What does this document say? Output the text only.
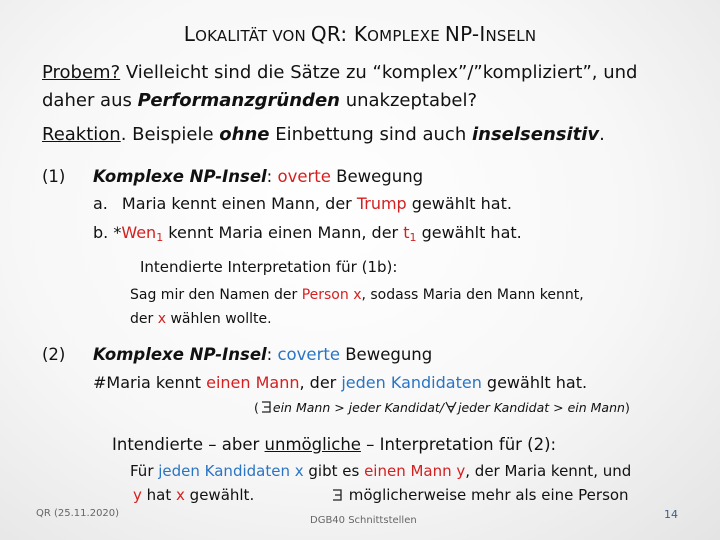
LOKALITÄT VON QR: KOMPLEXE NP-INSELN
Probem? Vielleicht sind die Sätze zu “komplex”/”kompliziert”, und
daher aus Performanzgründen unakzeptabel?
Reaktion. Beispiele ohne Einbettung sind auch inselsensitiv.
(1) Komplexe NP-Insel: overte Bewegung
a. Maria kennt einen Mann, der Trump gewählt hat.
b. *Wen$_1$ kennt Maria einen Mann, der $t_1$ gewählt hat.
Intendierte Interpretation für (1b):
Sag mir den Namen der Person x, sodass Maria den Mann kennt,
der x wählen wollte.
(2) Komplexe NP-Insel: coverte Bewegung
#Maria kennt einen Mann, der jeden Kandidaten gewählt hat.
( ein Mann > jeder Kandidat/ jeder Kandidat > ein Mann)
Intendierte – aber unmögliche – Interpretation für (2):
Für jeden Kandidaten x gibt es einen Mann y, der Maria kennt, und
y hat x gewählt.	möglicherweise mehr als eine Person
QR (25.11.2020)
DGB40 Schnittstellen	14
